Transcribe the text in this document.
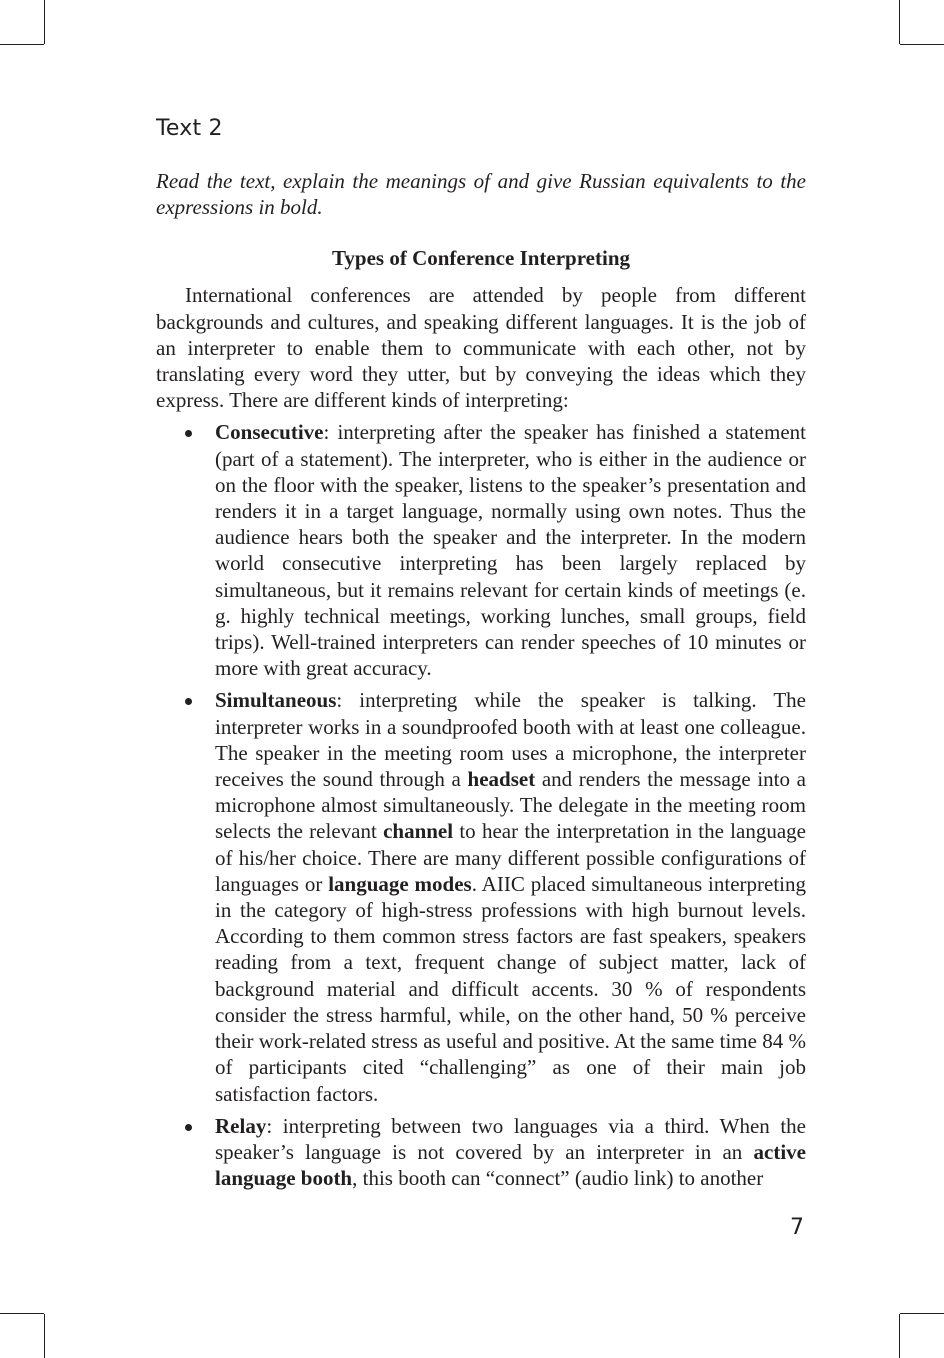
Text 2

Read the text, explain the meanings of and give Russian equivalents to the expressions in bold.

Types of Conference Interpreting

International conferences are attended by people from different backgrounds and cultures, and speaking different languages. It is the job of an interpreter to enable them to communicate with each other, not by translating every word they utter, but by conveying the ideas which they express. There are different kinds of interpreting:

Consecutive: interpreting after the speaker has finished a statement (part of a statement). The interpreter, who is either in the audience or on the floor with the speaker, listens to the speaker’s presentation and renders it in a target language, normally using own notes. Thus the audience hears both the speaker and the interpreter. In the modern world consecutive interpreting has been largely replaced by simultaneous, but it remains relevant for certain kinds of meetings (e. g. highly technical meetings, working lunches, small groups, field trips). Well-trained interpreters can render speeches of 10 minutes or more with great accuracy.
Simultaneous: interpreting while the speaker is talking. The interpreter works in a soundproofed booth with at least one colleague. The speaker in the meeting room uses a microphone, the interpreter receives the sound through a headset and renders the message into a microphone almost simultaneously. The delegate in the meeting room selects the relevant channel to hear the interpretation in the language of his/her choice. There are many different possible configurations of languages or language modes. AIIC placed simultaneous interpreting in the category of high-stress professions with high burnout levels. According to them common stress factors are fast speakers, speakers reading from a text, frequent change of subject matter, lack of background material and difficult accents. 30 % of respondents consider the stress harmful, while, on the other hand, 50 % perceive their work-related stress as useful and positive. At the same time 84 % of participants cited “challenging” as one of their main job satisfaction factors.
Relay: interpreting between two languages via a third. When the speaker’s language is not covered by an interpreter in an active language booth, this booth can “connect” (audio link) to another
7
